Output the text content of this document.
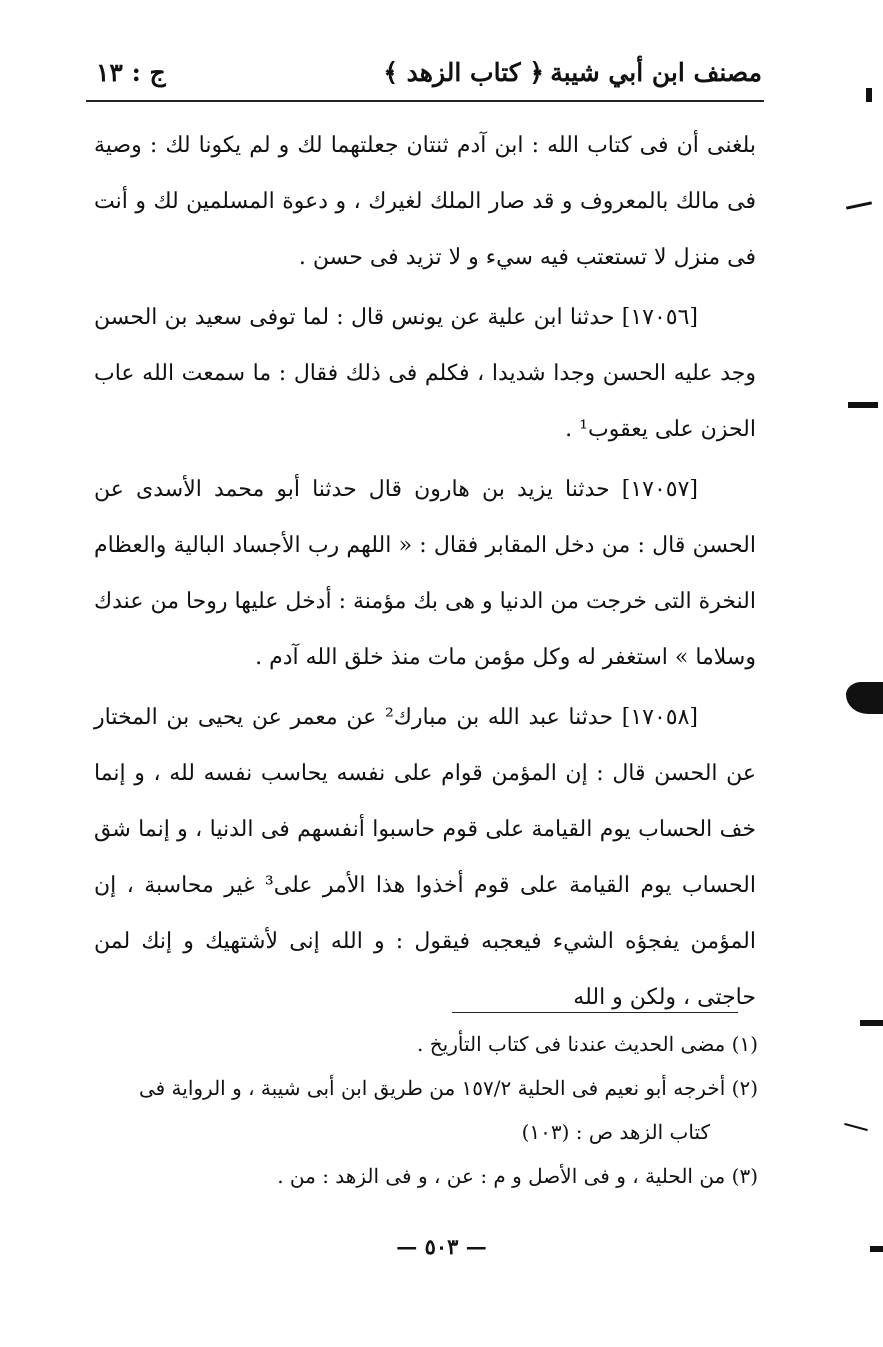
مصنف ابن أبي شيبة
﴿ كتاب الزهد ﴾
ج : ١٣

بلغنى أن فى كتاب الله : ابن آدم ثنتان جعلتهما لك و لم يكونا لك : وصية فى مالك بالمعروف و قد صار الملك لغيرك ، و دعوة المسلمين لك و أنت فى منزل لا تستعتب فيه سيء و لا تزيد فى حسن .

[١٧٠٥٦] حدثنا ابن علية عن يونس قال : لما توفى سعيد بن الحسن وجد عليه الحسن وجدا شديدا ، فكلم فى ذلك فقال : ما سمعت الله عاب الحزن على يعقوب¹ .

[١٧٠٥٧] حدثنا يزيد بن هارون قال حدثنا أبو محمد الأسدى عن الحسن قال : من دخل المقابر فقال : « اللهم رب الأجساد البالية والعظام النخرة التى خرجت من الدنيا و هى بك مؤمنة : أدخل عليها روحا من عندك وسلاما » استغفر له وكل مؤمن مات منذ خلق الله آدم .

[١٧٠٥٨] حدثنا عبد الله بن مبارك² عن معمر عن يحيى بن المختار عن الحسن قال : إن المؤمن قوام على نفسه يحاسب نفسه لله ، و إنما خف الحساب يوم القيامة على قوم حاسبوا أنفسهم فى الدنيا ، و إنما شق الحساب يوم القيامة على قوم أخذوا هذا الأمر على³ غير محاسبة ، إن المؤمن يفجؤه الشيء فيعجبه فيقول : و الله إنى لأشتهيك و إنك لمن حاجتى ، ولكن و الله

(١) مضى الحديث عندنا فى كتاب التأريخ .

(٢) أخرجه أبو نعيم فى الحلية ١٥٧/٢ من طريق ابن أبى شيبة ، و الرواية فى

كتاب الزهد ص : (١٠٣)

(٣) من الحلية ، و فى الأصل و م : عن ، و فى الزهد : من .

— ٥٠٣ —
